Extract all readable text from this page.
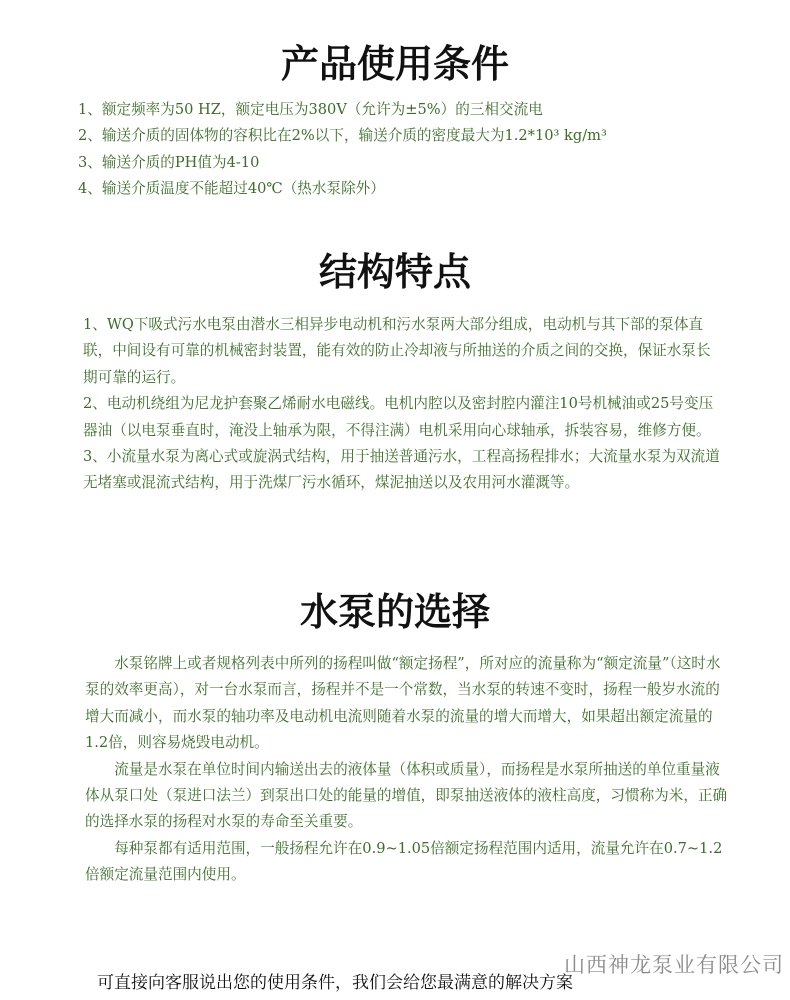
产品使用条件

1、额定频率为50 HZ，额定电压为380V（允许为±5%）的三相交流电

2、输送介质的固体物的容积比在2%以下，输送介质的密度最大为1.2*10³ kg/m³

3、输送介质的PH值为4-10

4、输送介质温度不能超过40℃（热水泵除外）

结构特点

1、WQ下吸式污水电泵由潜水三相异步电动机和污水泵两大部分组成，电动机与其下部的泵体直联，中间设有可靠的机械密封装置，能有效的防止冷却液与所抽送的介质之间的交换，保证水泵长期可靠的运行。

2、电动机绕组为尼龙护套聚乙烯耐水电磁线。电机内腔以及密封腔内灌注10号机械油或25号变压器油（以电泵垂直时，淹没上轴承为限，不得注满）电机采用向心球轴承，拆装容易，维修方便。

3、小流量水泵为离心式或旋涡式结构，用于抽送普通污水，工程高扬程排水；大流量水泵为双流道无堵塞或混流式结构，用于洗煤厂污水循环，煤泥抽送以及农用河水灌溉等。

水泵的选择

水泵铭牌上或者规格列表中所列的扬程叫做“额定扬程”，所对应的流量称为“额定流量”（这时水泵的效率更高），对一台水泵而言，扬程并不是一个常数，当水泵的转速不变时，扬程一般岁水流的增大而减小，而水泵的轴功率及电动机电流则随着水泵的流量的增大而增大，如果超出额定流量的1.2倍，则容易烧毁电动机。

流量是水泵在单位时间内输送出去的液体量（体积或质量），而扬程是水泵所抽送的单位重量液体从泵口处（泵进口法兰）到泵出口处的能量的增值，即泵抽送液体的液柱高度，习惯称为米，正确的选择水泵的扬程对水泵的寿命至关重要。

每种泵都有适用范围，一般扬程允许在0.9~1.05倍额定扬程范围内适用，流量允许在0.7~1.2倍额定流量范围内使用。

可直接向客服说出您的使用条件，我们会给您最满意的解决方案
山西神龙泵业有限公司
